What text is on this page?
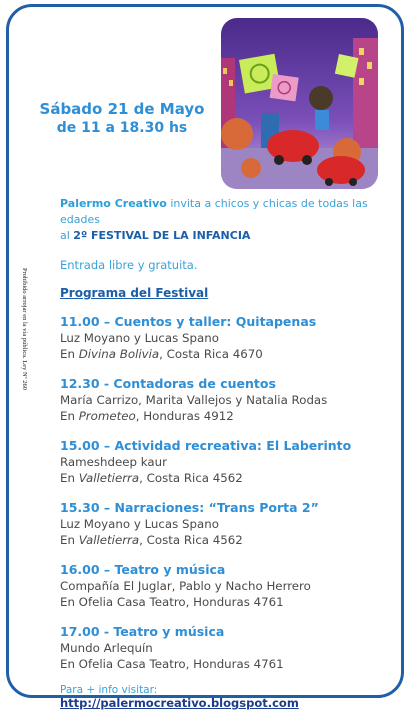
Sábado 21 de Mayo
de 11 a 18.30 hs
Prohibido arrojar en la vía pública. Ley Nº 260
Palermo Creativo invita a chicos y chicas de todas las edades
al 2º FESTIVAL DE LA INFANCIA
Entrada libre y gratuita.
Programa del Festival
11.00 – Cuentos y taller: Quitapenas
Luz Moyano y Lucas Spano
En Divina Bolivia, Costa Rica 4670
12.30 - Contadoras de cuentos
María Carrizo, Marita Vallejos y Natalia Rodas
En Prometeo, Honduras 4912
15.00 – Actividad recreativa: El Laberinto
Rameshdeep kaur
En Valletierra, Costa Rica 4562
15.30 – Narraciones: “Trans Porta 2”
Luz Moyano y Lucas Spano
En Valletierra, Costa Rica 4562
16.00 – Teatro y música
Compañía El Juglar, Pablo y Nacho Herrero
En Ofelia Casa Teatro, Honduras 4761
17.00 - Teatro y música
Mundo Arlequín
En Ofelia Casa Teatro, Honduras 4761
Para + info visitar:
http://palermocreativo.blogspot.com
